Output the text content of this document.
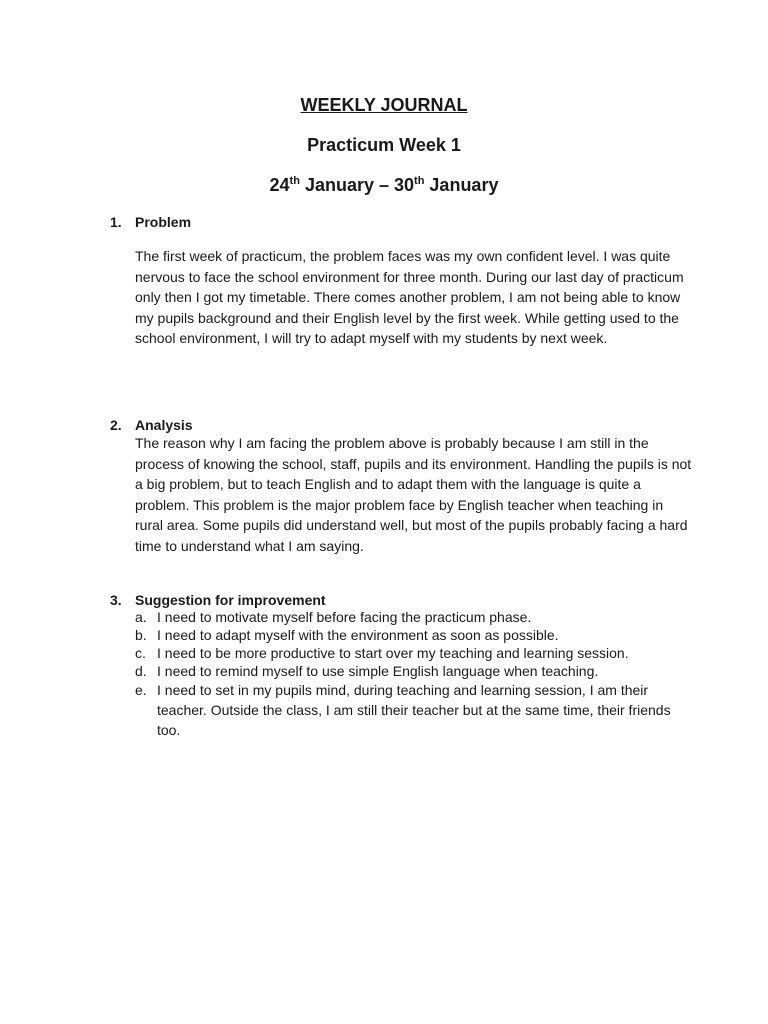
WEEKLY JOURNAL
Practicum Week 1
24th January – 30th January
1. Problem
The first week of practicum, the problem faces was my own confident level. I was quite nervous to face the school environment for three month. During our last day of practicum only then I got my timetable. There comes another problem, I am not being able to know my pupils background and their English level by the first week. While getting used to the school environment, I will try to adapt myself with my students by next week.
2. Analysis
The reason why I am facing the problem above is probably because I am still in the process of knowing the school, staff, pupils and its environment. Handling the pupils is not a big problem, but to teach English and to adapt them with the language is quite a problem. This problem is the major problem face by English teacher when teaching in rural area. Some pupils did understand well, but most of the pupils probably facing a hard time to understand what I am saying.
3. Suggestion for improvement
a. I need to motivate myself before facing the practicum phase.
b. I need to adapt myself with the environment as soon as possible.
c. I need to be more productive to start over my teaching and learning session.
d. I need to remind myself to use simple English language when teaching.
e. I need to set in my pupils mind, during teaching and learning session, I am their teacher. Outside the class, I am still their teacher but at the same time, their friends too.
